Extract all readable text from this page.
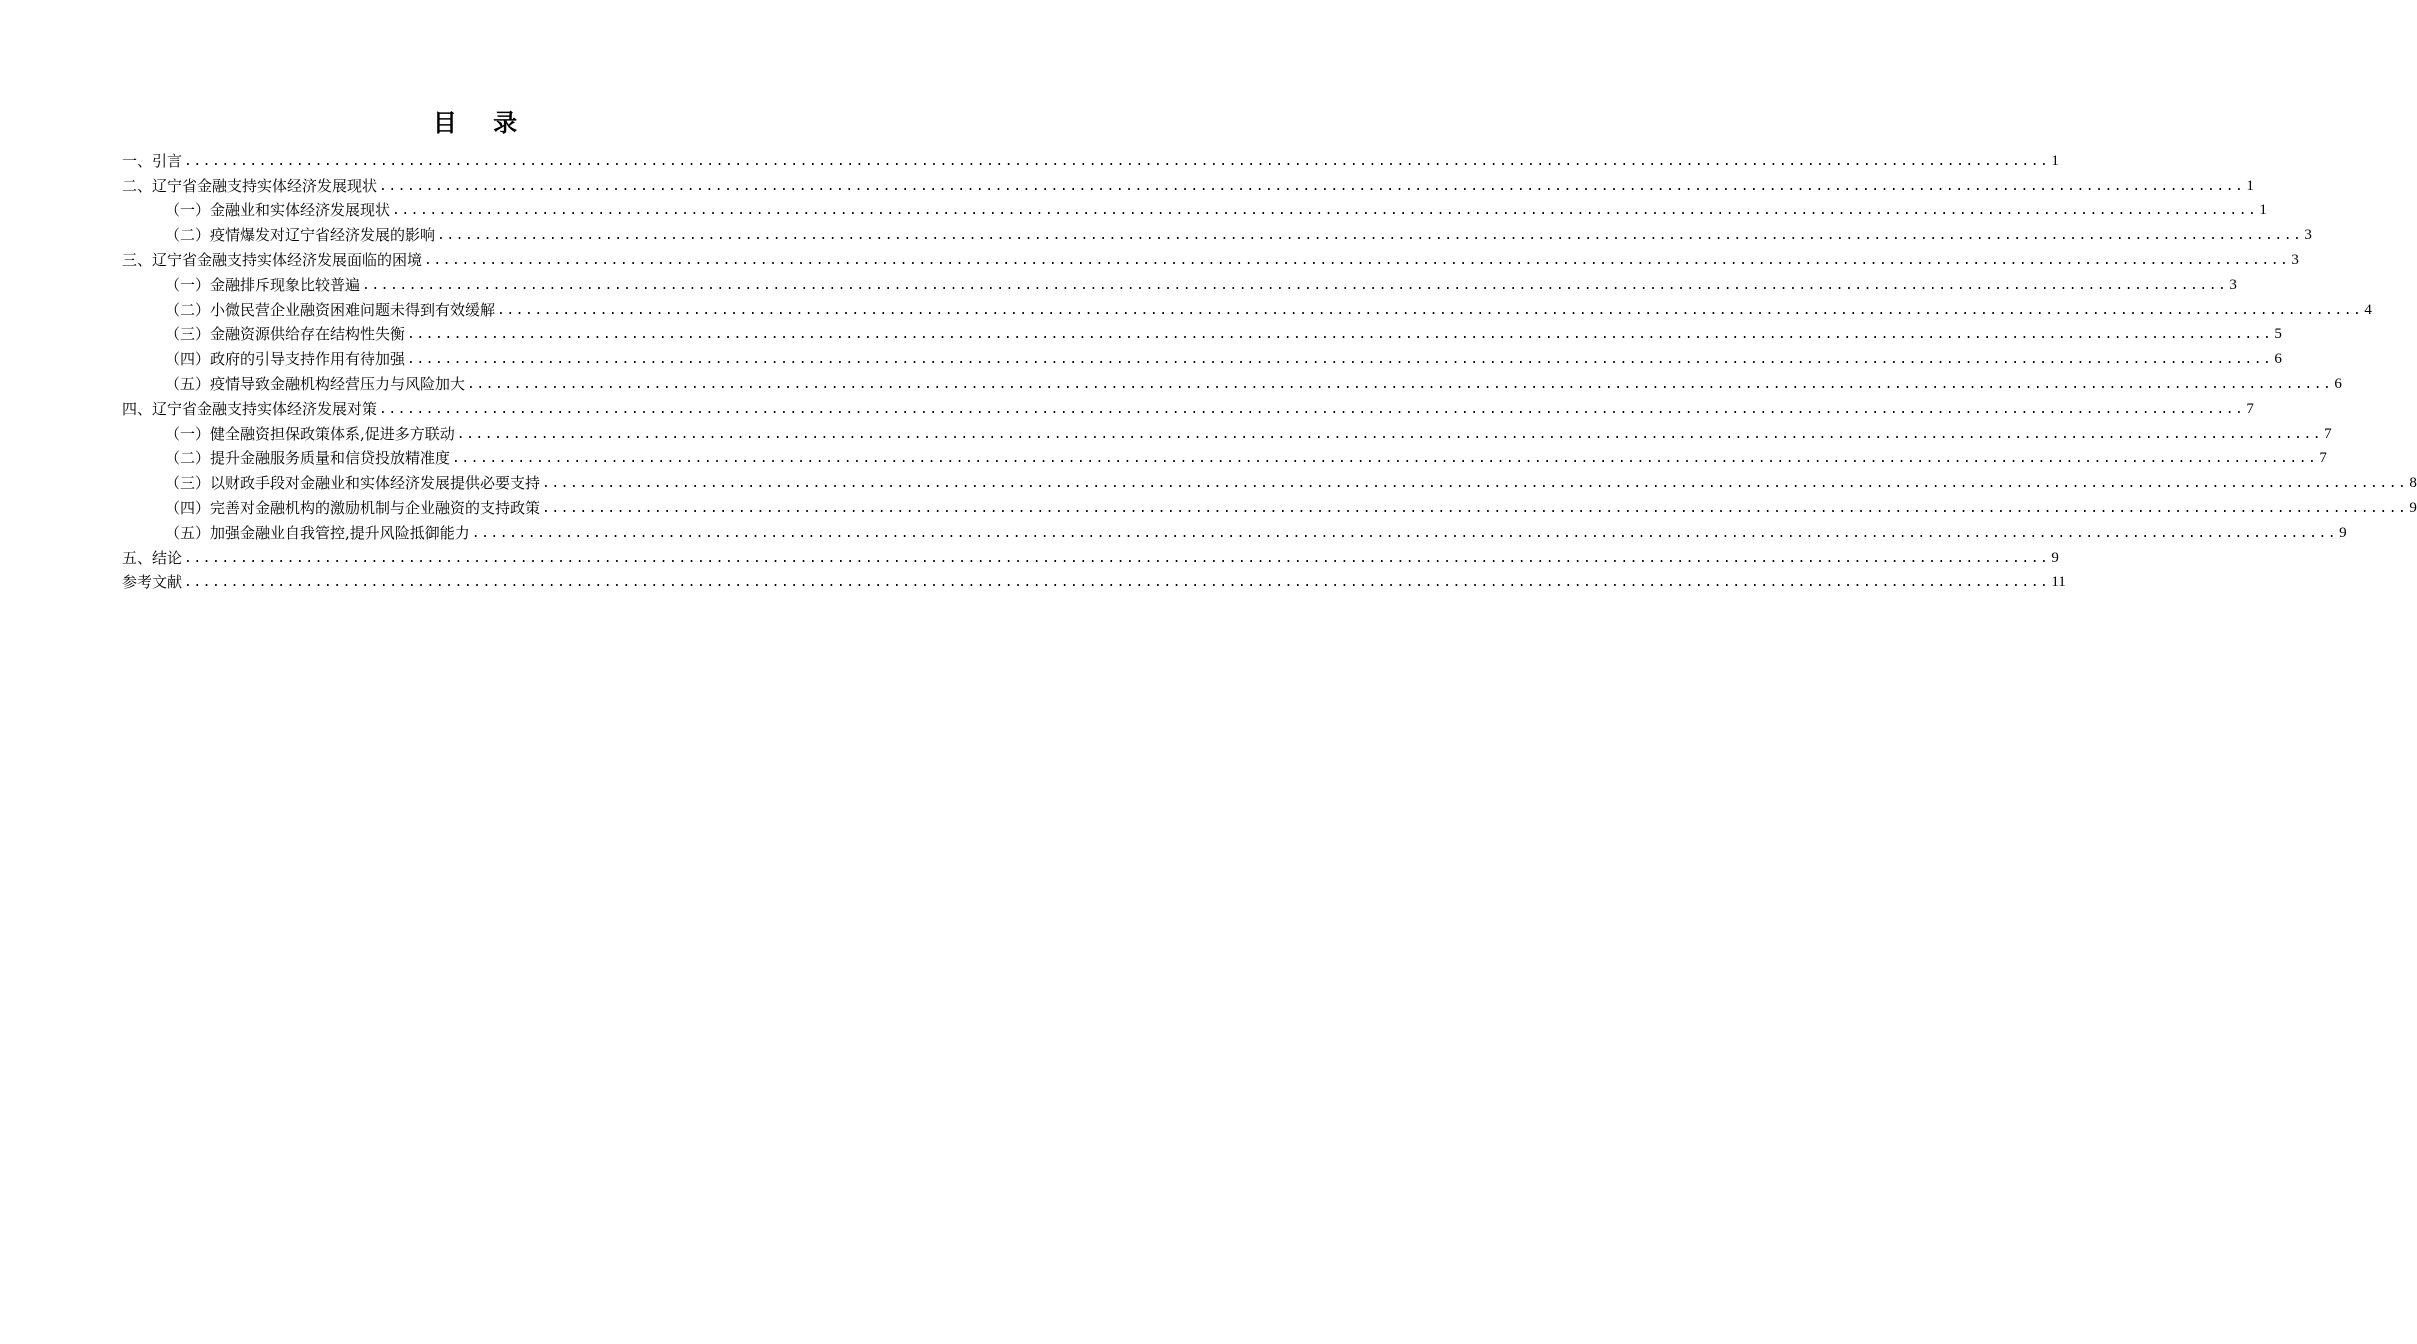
目 录
一、引言 ........................................................................................................................................................................................................ 1
二、辽宁省金融支持实体经济发展现状 ........................................................................................................................................................................................................ 1
（一）金融业和实体经济发展现状 ........................................................................................................................................................................................................ 1
（二）疫情爆发对辽宁省经济发展的影响 ........................................................................................................................................................................................................ 3
三、辽宁省金融支持实体经济发展面临的困境 ........................................................................................................................................................................................................ 3
（一）金融排斥现象比较普遍 ........................................................................................................................................................................................................ 3
（二）小微民营企业融资困难问题未得到有效缓解 ........................................................................................................................................................................................................ 4
（三）金融资源供给存在结构性失衡 ........................................................................................................................................................................................................ 5
（四）政府的引导支持作用有待加强 ........................................................................................................................................................................................................ 6
（五）疫情导致金融机构经营压力与风险加大 ........................................................................................................................................................................................................ 6
四、辽宁省金融支持实体经济发展对策 ........................................................................................................................................................................................................ 7
（一）健全融资担保政策体系,促进多方联动 ........................................................................................................................................................................................................ 7
（二）提升金融服务质量和信贷投放精准度 ........................................................................................................................................................................................................ 7
（三）以财政手段对金融业和实体经济发展提供必要支持 ........................................................................................................................................................................................................ 8
（四）完善对金融机构的激励机制与企业融资的支持政策 ........................................................................................................................................................................................................ 9
（五）加强金融业自我管控,提升风险抵御能力 ........................................................................................................................................................................................................ 9
五、结论 ........................................................................................................................................................................................................ 9
参考文献 ........................................................................................................................................................................................................ 11
